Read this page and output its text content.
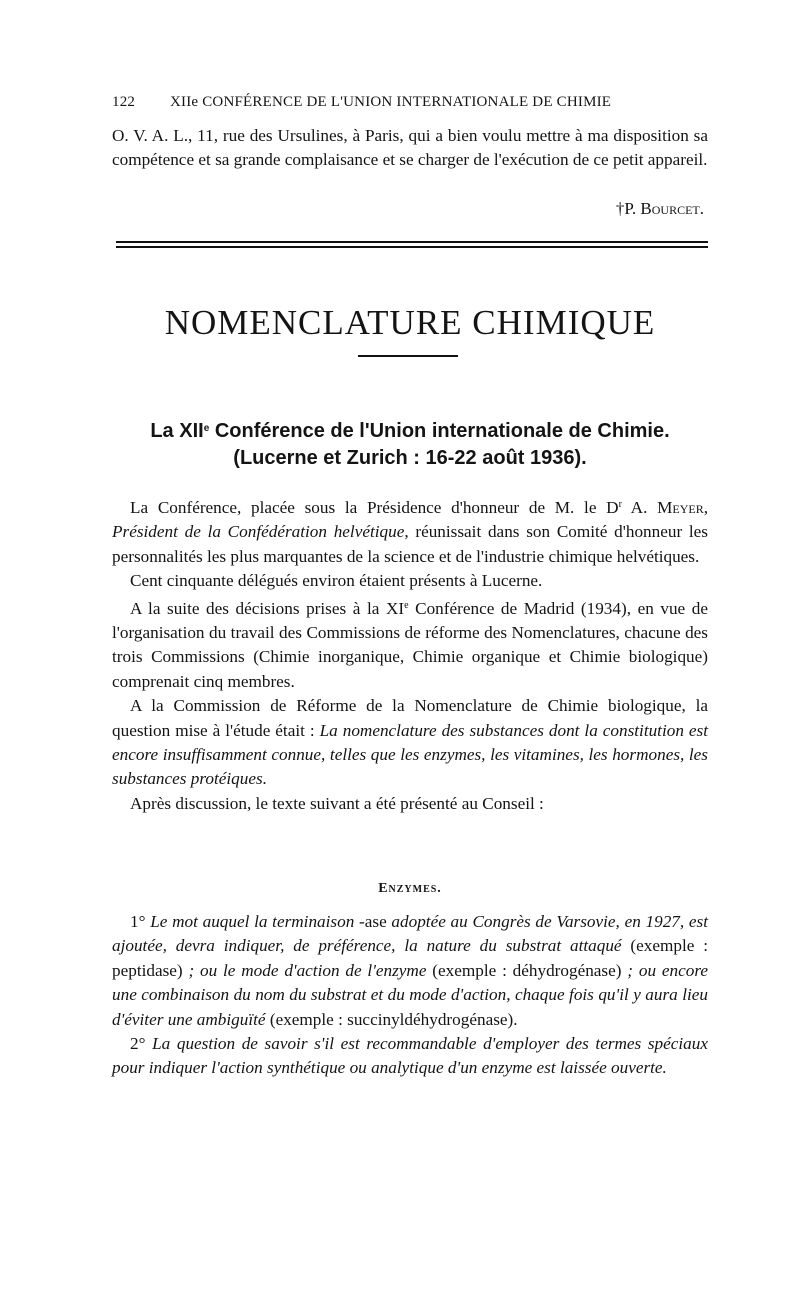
122 XIIe CONFÉRENCE DE L'UNION INTERNATIONALE DE CHIMIE

O. V. A. L., 11, rue des Ursulines, à Paris, qui a bien voulu mettre à ma disposition sa compétence et sa grande complaisance et se charger de l'exécution de ce petit appareil.

†P. Bourcet.
NOMENCLATURE CHIMIQUE
La XIIe Conférence de l'Union internationale de Chimie.
(Lucerne et Zurich : 16-22 août 1936).

La Conférence, placée sous la Présidence d'honneur de M. le $D^r$ A. Meyer, Président de la Confédération helvétique, réunissait dans son Comité d'honneur les personnalités les plus marquantes de la science et de l'industrie chimique helvétiques.

Cent cinquante délégués environ étaient présents à Lucerne.

A la suite des décisions prises à la XIe Conférence de Madrid (1934), en vue de l'organisation du travail des Commissions de réforme des Nomenclatures, chacune des trois Commissions (Chimie inorganique, Chimie organique et Chimie biologique) comprenait cinq membres.

A la Commission de Réforme de la Nomenclature de Chimie biologique, la question mise à l'étude était : La nomenclature des substances dont la constitution est encore insuffisamment connue, telles que les enzymes, les vitamines, les hormones, les substances protéiques.

Après discussion, le texte suivant a été présenté au Conseil :

Enzymes.

1° Le mot auquel la terminaison -ase adoptée au Congrès de Varsovie, en 1927, est ajoutée, devra indiquer, de préférence, la nature du substrat attaqué (exemple : peptidase) ; ou le mode d'action de l'enzyme (exemple : déhydrogénase) ; ou encore une combinaison du nom du substrat et du mode d'action, chaque fois qu'il y aura lieu d'éviter une ambiguïté (exemple : succinyldéhydrogénase).

2° La question de savoir s'il est recommandable d'employer des termes spéciaux pour indiquer l'action synthétique ou analytique d'un enzyme est laissée ouverte.
